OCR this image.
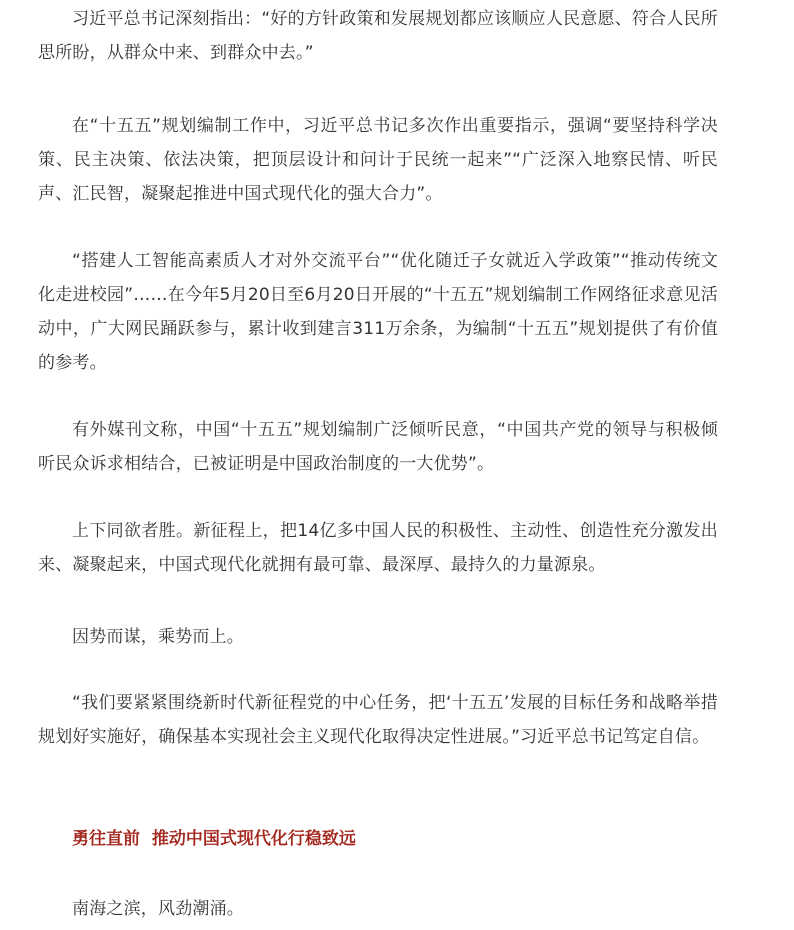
习近平总书记深刻指出：“好的方针政策和发展规划都应该顺应人民意愿、符合人民所思所盼，从群众中来、到群众中去。”

在“十五五”规划编制工作中，习近平总书记多次作出重要指示，强调“要坚持科学决策、民主决策、依法决策，把顶层设计和问计于民统一起来”“广泛深入地察民情、听民声、汇民智，凝聚起推进中国式现代化的强大合力”。

“搭建人工智能高素质人才对外交流平台”“优化随迁子女就近入学政策”“推动传统文化走进校园”……在今年5月20日至6月20日开展的“十五五”规划编制工作网络征求意见活动中，广大网民踊跃参与，累计收到建言311万余条，为编制“十五五”规划提供了有价值的参考。

有外媒刊文称，中国“十五五”规划编制广泛倾听民意，“中国共产党的领导与积极倾听民众诉求相结合，已被证明是中国政治制度的一大优势”。

上下同欲者胜。新征程上，把14亿多中国人民的积极性、主动性、创造性充分激发出来、凝聚起来，中国式现代化就拥有最可靠、最深厚、最持久的力量源泉。

因势而谋，乘势而上。

“我们要紧紧围绕新时代新征程党的中心任务，把‘十五五’发展的目标任务和战略举措规划好实施好，确保基本实现社会主义现代化取得决定性进展。”习近平总书记笃定自信。

勇往直前  推动中国式现代化行稳致远

南海之滨，风劲潮涌。
